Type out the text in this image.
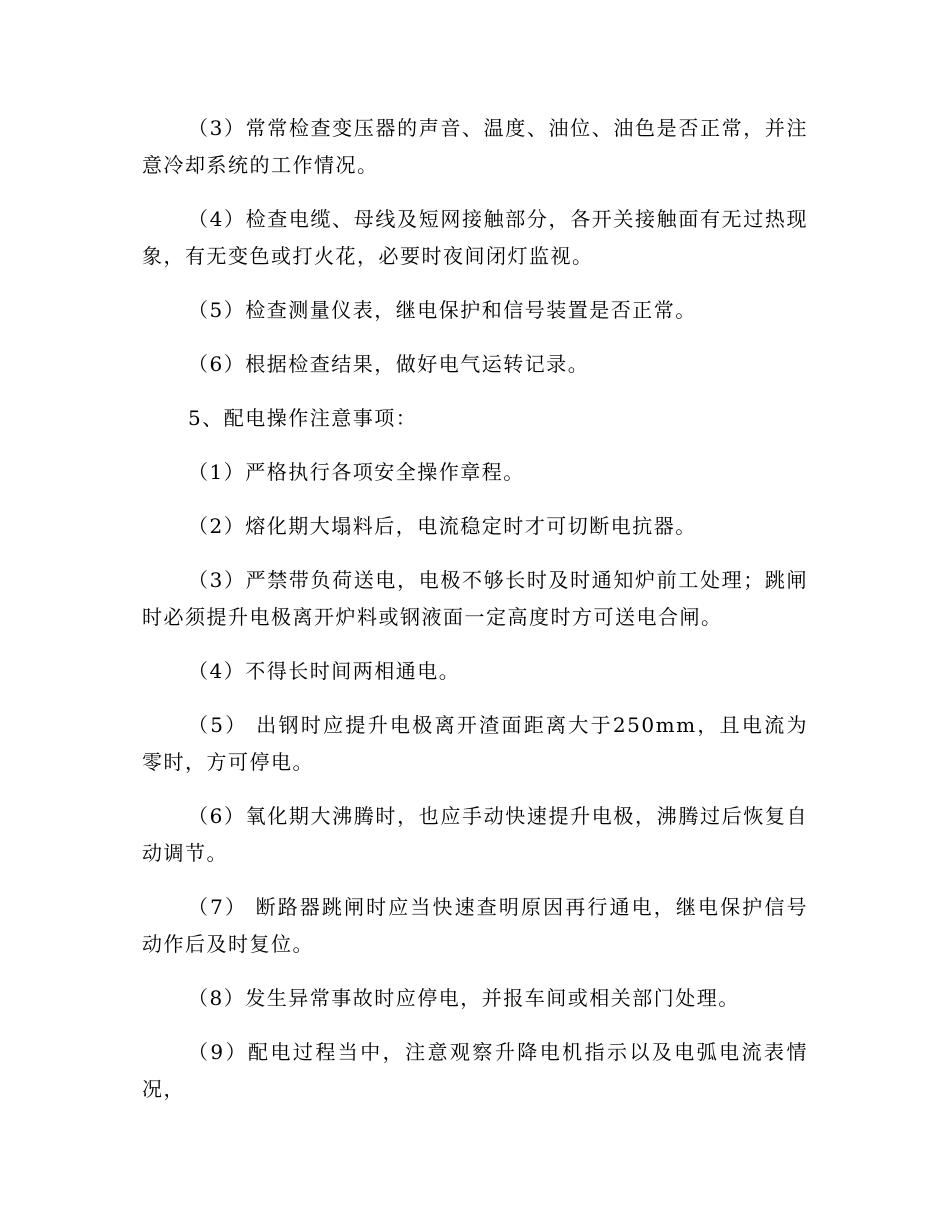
（3）常常检查变压器的声音、温度、油位、油色是否正常，并注意冷却系统的工作情况。

（4）检查电缆、母线及短网接触部分，各开关接触面有无过热现象，有无变色或打火花，必要时夜间闭灯监视。

（5）检查测量仪表，继电保护和信号装置是否正常。

（6）根据检查结果，做好电气运转记录。

5、配电操作注意事项：

（1）严格执行各项安全操作章程。

（2）熔化期大塌料后，电流稳定时才可切断电抗器。

（3）严禁带负荷送电，电极不够长时及时通知炉前工处理；跳闸时必须提升电极离开炉料或钢液面一定高度时方可送电合闸。

（4）不得长时间两相通电。

（5） 出钢时应提升电极离开渣面距离大于250mm，且电流为零时，方可停电。

（6）氧化期大沸腾时，也应手动快速提升电极，沸腾过后恢复自动调节。

（7） 断路器跳闸时应当快速查明原因再行通电，继电保护信号动作后及时复位。

（8）发生异常事故时应停电，并报车间或相关部门处理。

（9）配电过程当中，注意观察升降电机指示以及电弧电流表情况，
